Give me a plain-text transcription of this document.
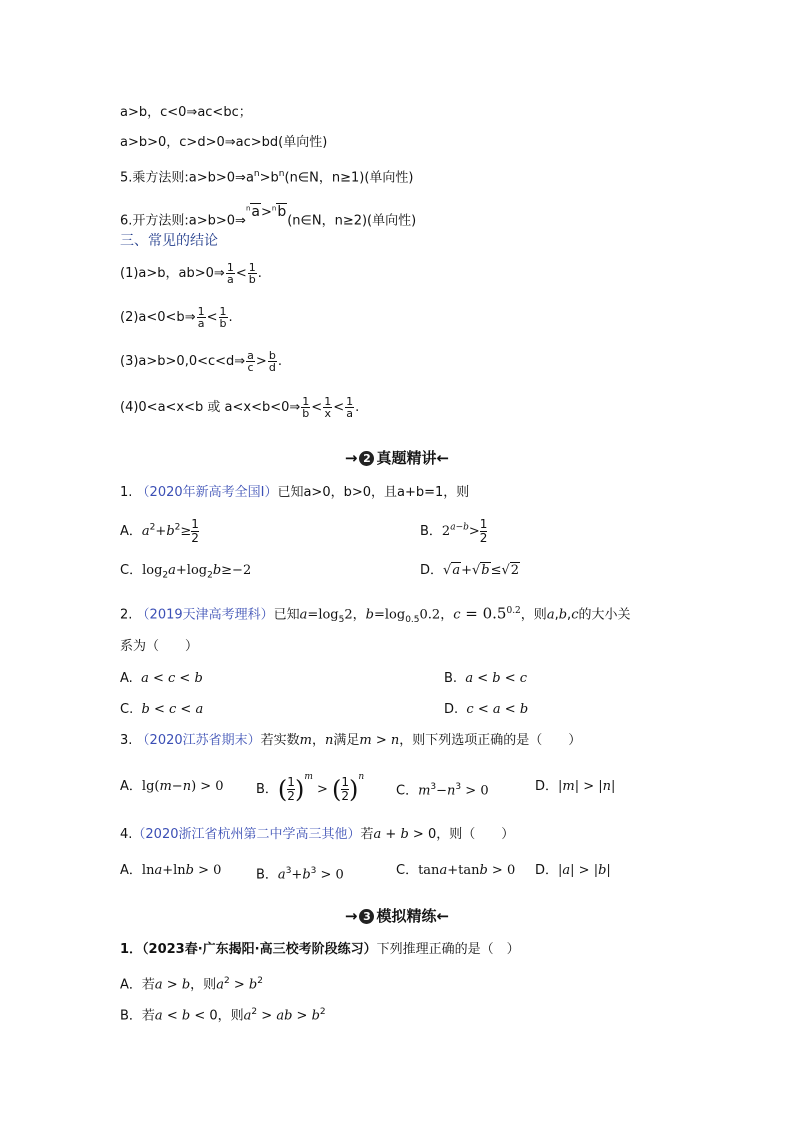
a>b，c<0⇒ac<bc；
a>b>0，c>d>0⇒ac>bd(单向性)
5.乘方法则$:a>b>0\Rightarrow a^n>b^n(n\in N$，n≥1)(单向性)
6.开方法则:a>b>0⇒$^n$a>$^n$b(n∈N，n≥2)(单向性)
三、常见的结论
(1)a>b，ab>0⇒ $\frac{1}{a} < \frac{1}{b}$ .
(2)a<0<b⇒ $\frac{1}{a} < \frac{1}{b}$ .
(3)a>b>0,0<c<d⇒ $\frac{a}{c} > \frac{b}{d}$ .
(4)0<a<x<b 或 a<x<b<0⇒ $\frac{1}{b} < \frac{1}{x} < \frac{1}{a}$ .
→ 2 真题精讲←
1. （2020年新高考全国Ⅰ）已知a>0，b>0，且a+b=1，则
A．$a^2+b^2\ge \frac{1}{2}$	B．$2^{a-b}> \frac{1}{2}$
C．$\log_2a+\log_2b\ge-2$	D．√a+√b≤√2
2. （2019天津高考理科）已知$a=\log_52$，$b=\log_{0.5}0.2$，$c = 0.5^{0.2}$，则a,b,c的大小关
系为（　　）
A. a < c < b	B. a < b < c
C. b < c < a	D. c < a < b
3. （2020江苏省期末）若实数m，n满足m > n，则下列选项正确的是（　　）
A．lg(m−n) > 0 B．( $\frac{1}{2} )^m$ > ( $\frac{1}{2} )^n$
C．$m^3-n^3 > 0$	D．|m| > |n|
4.（2020浙江省杭州第二中学高三其他）若a + b > 0，则（　　）
A．lna+lnb > 0	B．$a^3+b^3 > 0$	C．tana+tanb > 0 D．|a| > |b|
→ 3 模拟精练←
1．（2023春·广东揭阳·高三校考阶段练习）下列推理正确的是（　）
A．若a > b，则$a^2 > b^2$
B．若a < b < 0，则$a^2$ > ab > $b^2$
